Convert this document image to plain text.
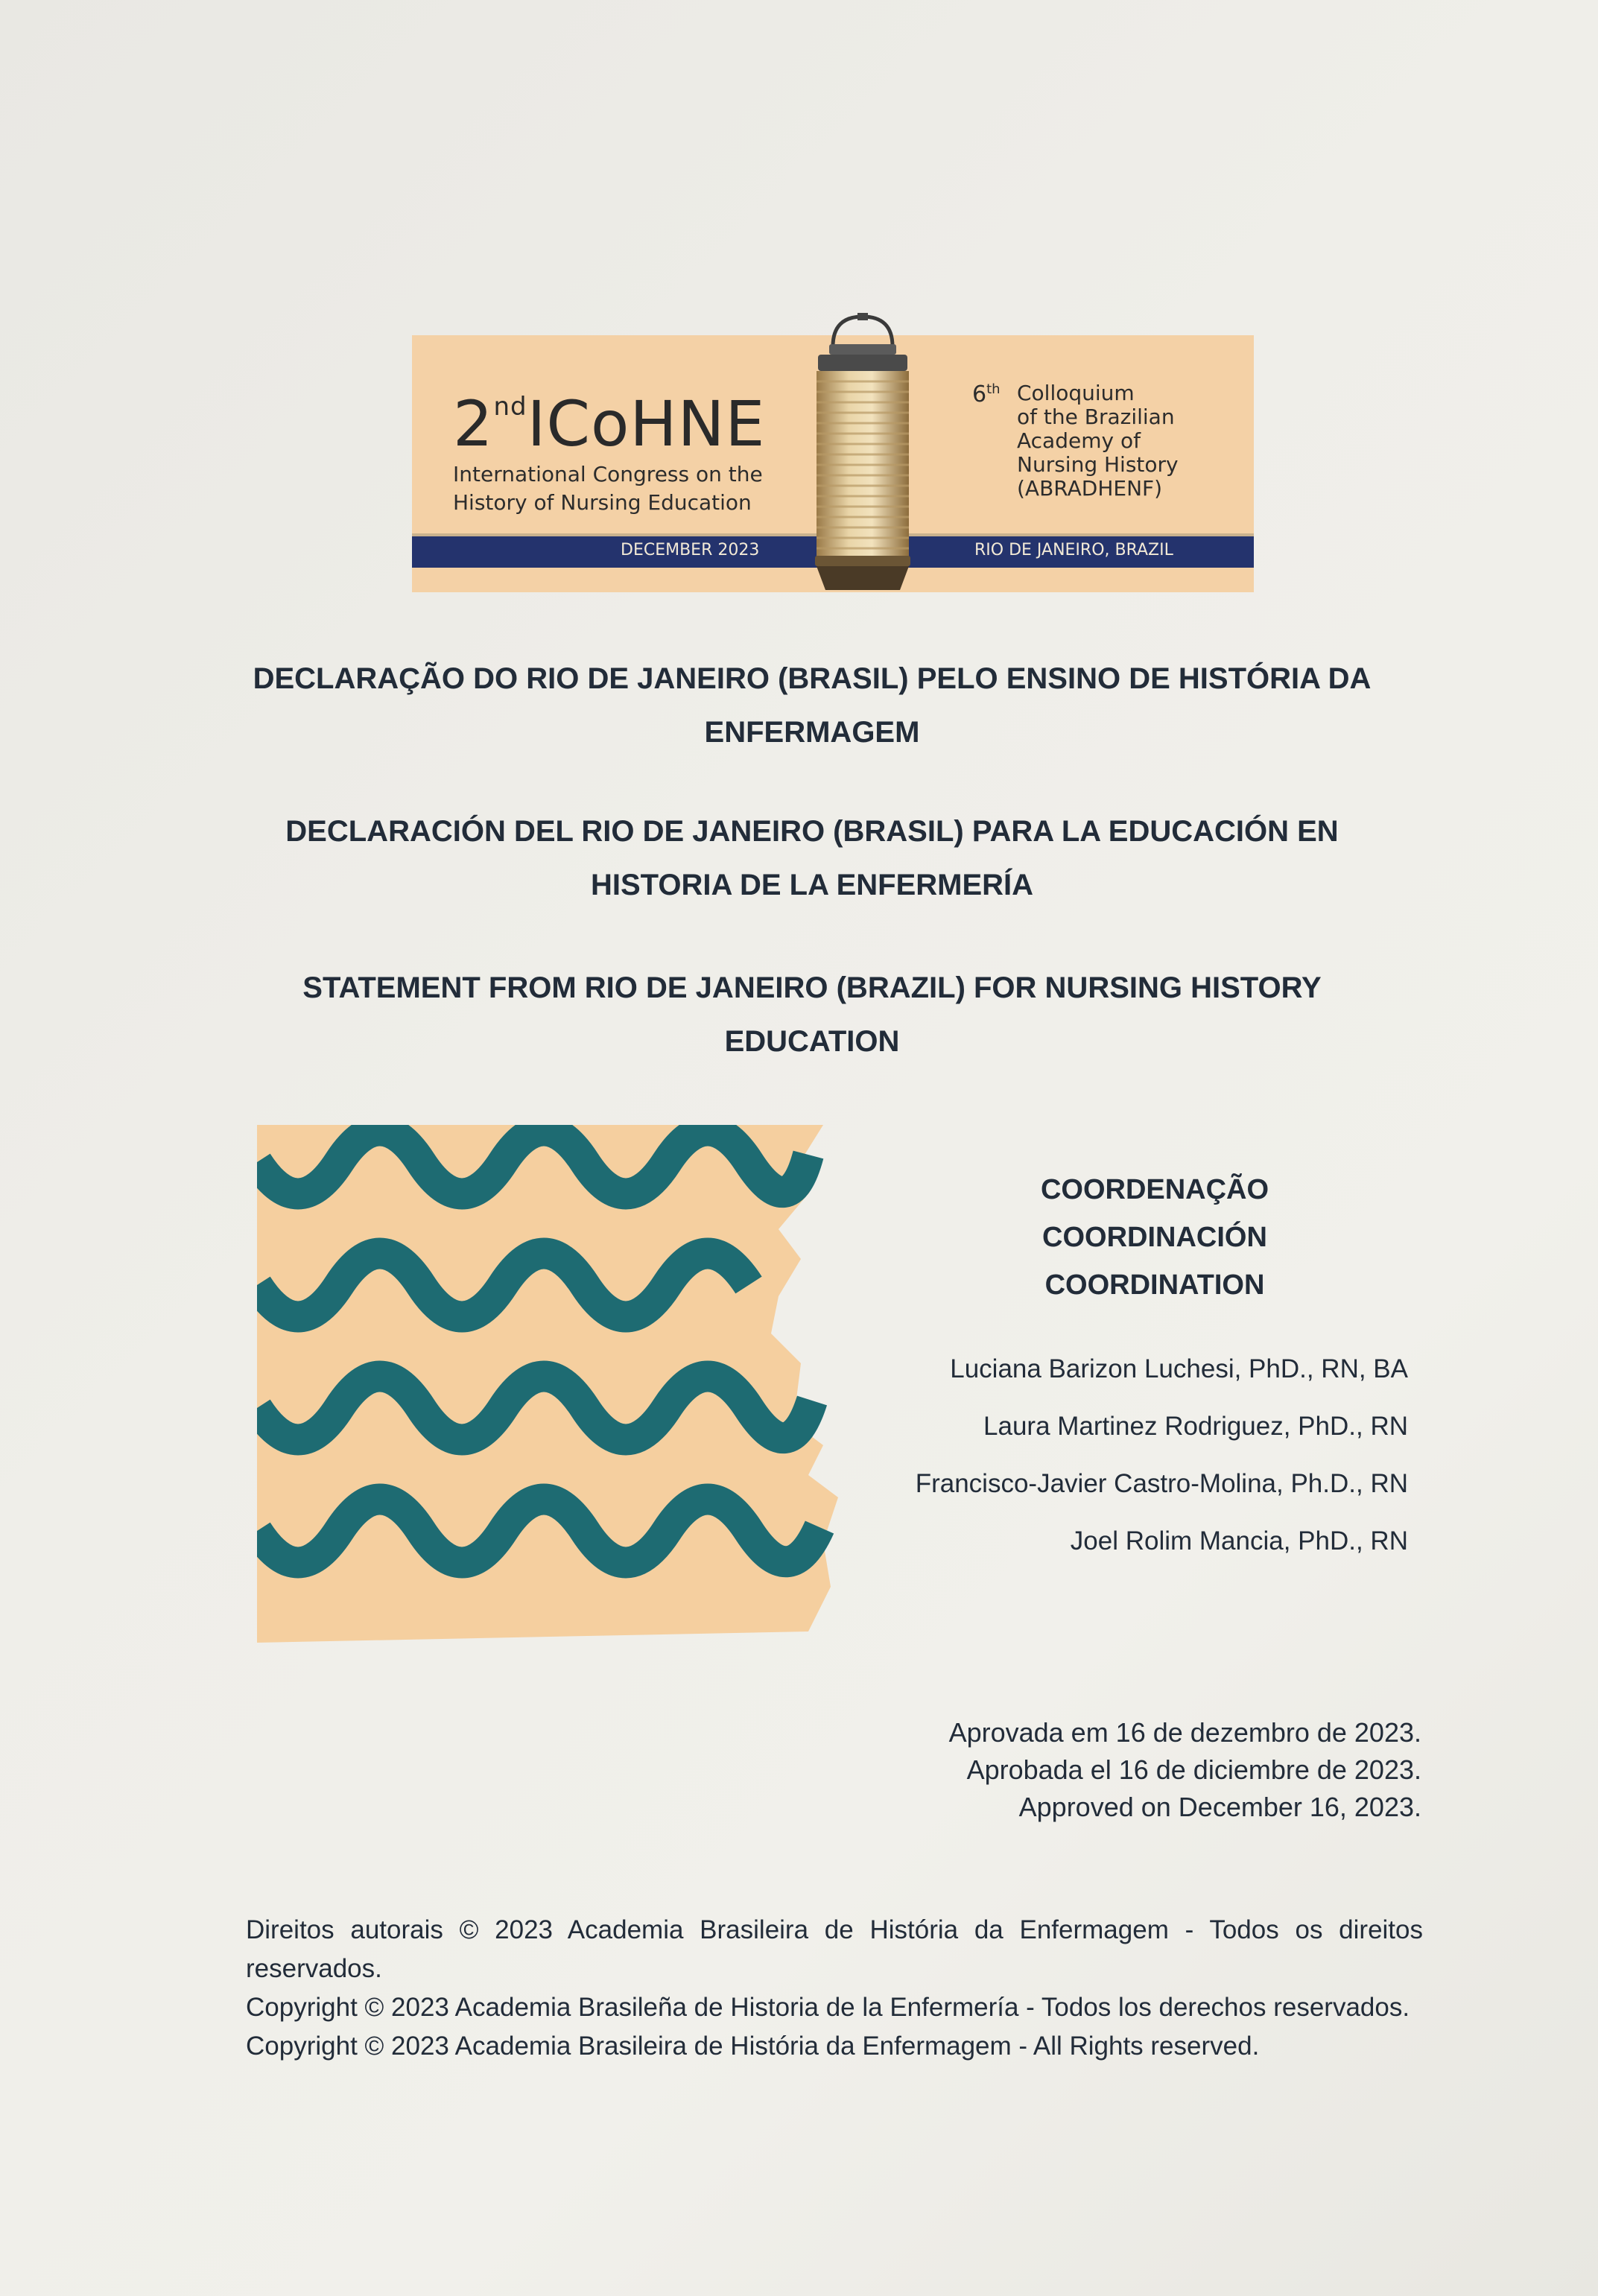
2ndICoHNE
International Congress on the
History of Nursing Education
6th Colloquium
of the Brazilian
Academy of
Nursing History
(ABRADHENF)
DECEMBER 2023	RIO DE JANEIRO, BRAZIL
DECLARAÇÃO DO RIO DE JANEIRO (BRASIL) PELO ENSINO DE HISTÓRIA DA
ENFERMAGEM
DECLARACIÓN DEL RIO DE JANEIRO (BRASIL) PARA LA EDUCACIÓN EN
HISTORIA DE LA ENFERMERÍA
STATEMENT FROM RIO DE JANEIRO (BRAZIL) FOR NURSING HISTORY
EDUCATION
COORDENAÇÃO
COORDINACIÓN
COORDINATION
Luciana Barizon Luchesi, PhD., RN, BA
Laura Martinez Rodriguez, PhD., RN
Francisco-Javier Castro-Molina, Ph.D., RN
Joel Rolim Mancia, PhD., RN
Aprovada em 16 de dezembro de 2023.
Aprobada el 16 de diciembre de 2023.
Approved on December 16, 2023.

Direitos autorais © 2023 Academia Brasileira de História da Enfermagem - Todos os direitos reservados.

Copyright © 2023 Academia Brasileña de Historia de la Enfermería - Todos los derechos reservados.

Copyright © 2023 Academia Brasileira de História da Enfermagem - All Rights reserved.
